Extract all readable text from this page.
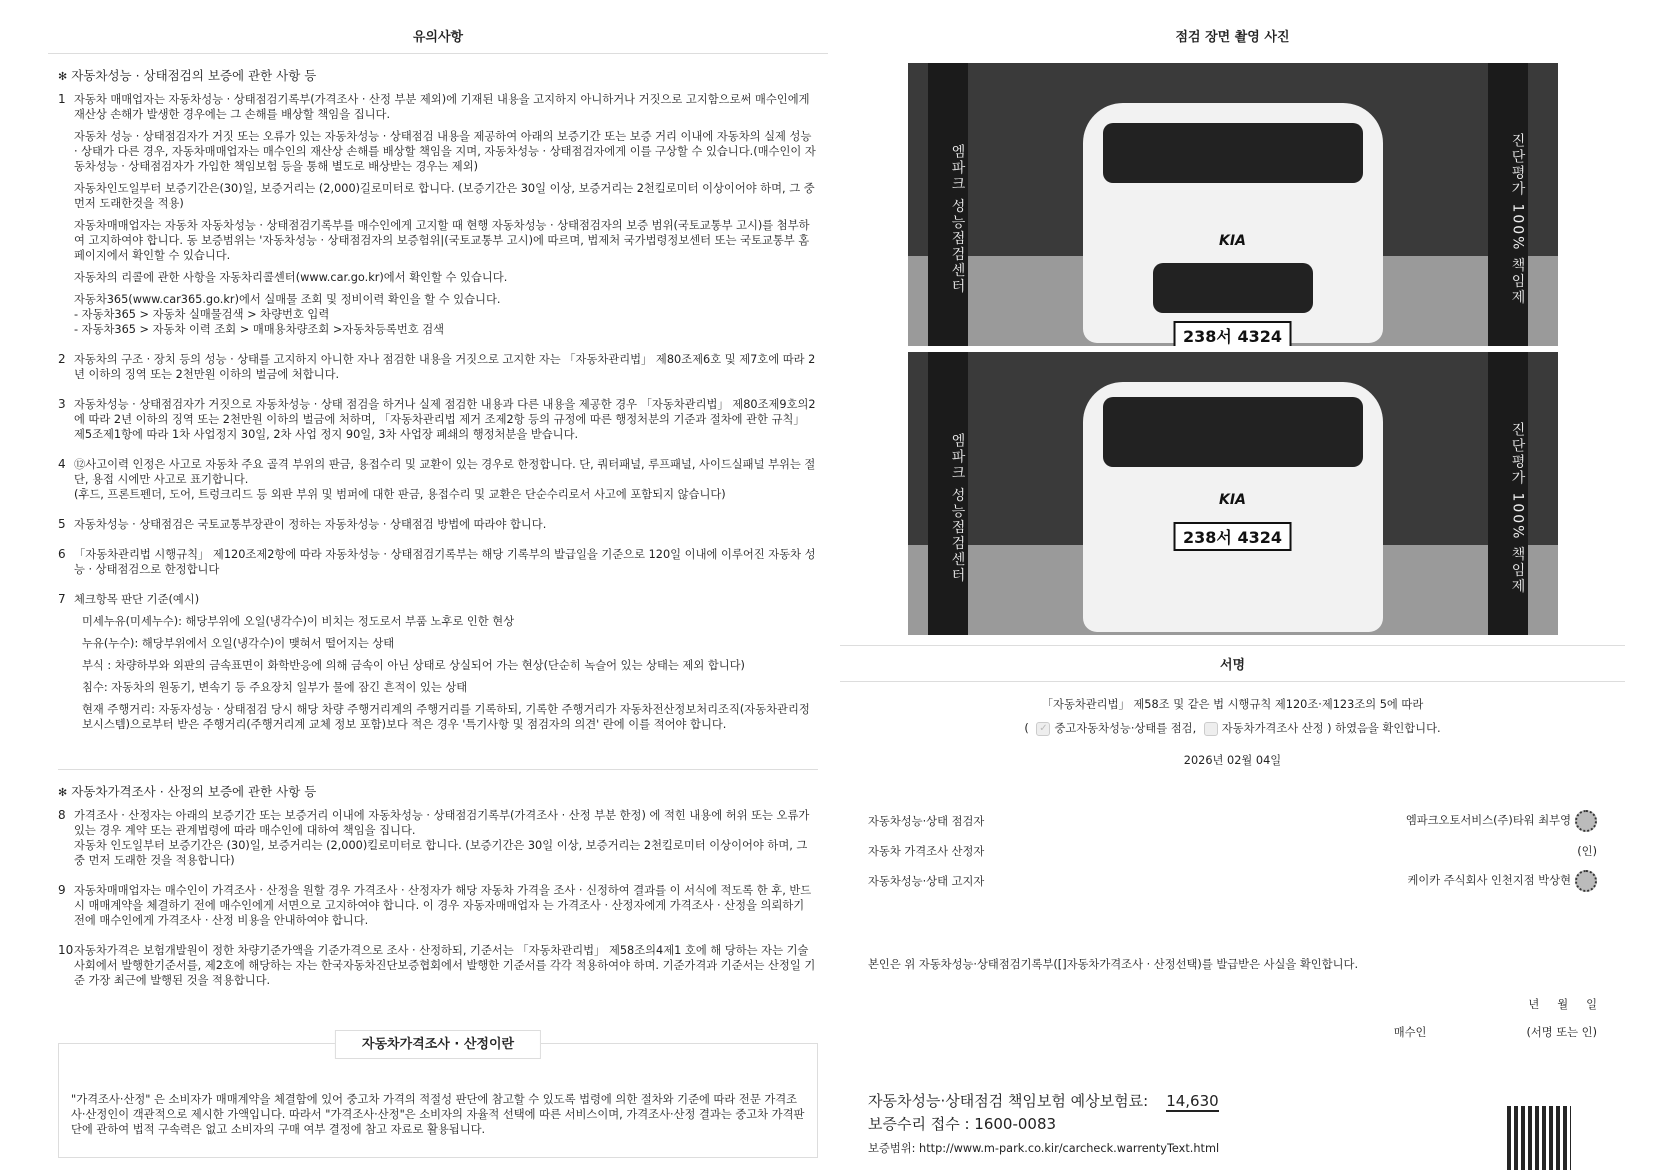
유의사항
✻ 자동차성능 · 상태점검의 보증에 관한 사항 등
1 자동차 매매업자는 자동차성능 · 상태점검기록부(가격조사 · 산정 부분 제외)에 기재된 내용을 고지하지 아니하거나 거짓으로 고지함으로써 매수인에게 재산상 손해가 발생한 경우에는 그 손해를 배상할 책임을 집니다.

자동차 성능 · 상태점검자가 거짓 또는 오류가 있는 자동차성능 · 상태점검 내용을 제공하여 아래의 보증기간 또는 보증 거리 이내에 자동차의 실제 성능 · 상태가 다른 경우, 자동차매매업자는 매수인의 재산상 손해를 배상할 책임을 지며, 자동차성능 · 상태점검자에게 이를 구상할 수 있습니다.(매수인이 자동차성능 · 상태점검자가 가입한 책임보험 등을 통해 별도로 배상받는 경우는 제외)

자동차인도일부터 보증기간은(30)일, 보증거리는 (2,000)길로미터로 합니다. (보증기간은 30일 이상, 보증거리는 2천킬로미터 이상이어야 하며, 그 중 먼저 도래한것을 적용)

자동차매매업자는 자동차 자동차성능 · 상태점검기록부를 매수인에게 고지할 때 현행 자동차성능 · 상태점검자의 보증 범위(국토교통부 고시)를 첨부하여 고지하여야 합니다. 동 보증범위는 '자동차성능 · 상태점검자의 보증험위|(국토교통부 고시)에 따르며, 법제처 국가법령정보센터 또는 국토교통부 홈페이지에서 확인할 수 있습니다.

자동차의 리콜에 관한 사항을 자동차리콜센터(www.car.go.kr)에서 확인할 수 있습니다.

자동차365(www.car365.go.kr)에서 실매물 조회 및 정비이력 확인을 할 수 있습니다.
- 자동차365 > 자동차 실매물검색 > 차량번호 입력
- 자동차365 > 자동차 이력 조회 > 매매용차량조회 >자동차등록번호 검색

2 자동차의 구조 · 장치 등의 성능 · 상태를 고지하지 아니한 자나 점검한 내용을 거짓으로 고지한 자는 「자동차관리법」 제80조제6호 및 제7호에 따라 2년 이하의 징역 또는 2천만원 이하의 벌금에 처합니다.

3 자동차성능 · 상태점검자가 거짓으로 자동차성능 · 상태 점검을 하거나 실제 점검한 내용과 다른 내용을 제공한 경우 「자동차관리법」 제80조제9호의2에 따라 2년 이하의 징역 또는 2천만원 이하의 벌금에 처하며, 「자동차관리법 제거 조제2항 등의 규정에 따른 행정처분의 기준과 절차에 관한 규칙」 제5조제1항에 따라 1차 사업정지 30일, 2차 사업 정지 90일, 3차 사업장 폐쇄의 행정처분을 받습니다.

4 ⑫사고이력 인정은 사고로 자동차 주요 골격 부위의 판금, 용접수리 및 교환이 있는 경우로 한정합니다. 단, 쿼터패널, 루프패널, 사이드실패널 부위는 절단, 용접 시에만 사고로 표기합니다.
(후드, 프론트펜더, 도어, 트렁크리드 등 외판 부위 및 범퍼에 대한 판금, 용접수리 및 교환은 단순수리로서 사고에 포함되지 않습니다)

5 자동차성능 · 상태점검은 국토교통부장관이 정하는 자동차성능 · 상태점검 방법에 따라야 합니다.

6 「자동차관리법 시행규칙」 제120조제2항에 따라 자동차성능 · 상태점검기록부는 해당 기록부의 발급일을 기준으로 120일 이내에 이루어진 자동차 성능 · 상태점검으로 한정합니다

7 체크항목 판단 기준(예시)

미세누유(미세누수): 해당부위에 오일(냉각수)이 비치는 정도로서 부품 노후로 인한 현상

누유(누수): 해당부위에서 오일(냉각수)이 맺혀서 떨어지는 상태

부식 : 차량하부와 외판의 금속표면이 화학반응에 의해 금속이 아닌 상태로 상실되어 가는 현상(단순히 녹슬어 있는 상태는 제외 합니다)

침수: 자동차의 원동기, 변속기 등 주요장치 일부가 물에 잠긴 흔적이 있는 상태

현재 주행거리: 자동자성능 · 상태점검 당시 해당 차량 주행거리계의 주행거리를 기록하되, 기록한 주행거리가 자동차전산정보처리조직(자동차관리정보시스템)으로부터 받은 주행거리(주행거리계 교체 정보 포함)보다 적은 경우 '특기사항 및 점검자의 의견' 란에 이를 적어야 합니다.

✻ 자동차가격조사 · 산정의 보증에 관한 사항 등
8 가격조사 · 산정자는 아래의 보증기간 또는 보증거리 이내에 자동차성능 · 상태점검기록부(가격조사 · 산정 부분 한정) 에 적힌 내용에 허위 또는 오류가 있는 경우 계약 또는 관계법령에 따라 매수인에 대하여 책임을 집니다.
자동차 인도일부터 보증기간은 (30)일, 보증거리는 (2,000)킬로미터로 합니다. (보증기간은 30일 이상, 보증거리는 2천킬로미터 이상이어야 하며, 그 중 먼저 도래한 것을 적용합니다)

9 자동차매매업자는 매수인이 가격조사 · 산정을 원할 경우 가격조사 · 산정자가 해당 자동차 가격을 조사 · 신정하여 결과를 이 서식에 적도록 한 후, 반드시 매매계약을 체결하기 전에 매수인에게 서면으로 고지하여야 합니다. 이 경우 자동자매매업자 는 가격조사 · 산정자에게 가격조사 · 산정을 의뢰하기 전에 매수인에게 가격조사 · 산정 비용을 안내하여야 합니다.

10 자동차가격은 보험개발원이 정한 차량기준가액을 기준가격으로 조사 · 산정하되, 기준서는 「자동차관리법」 제58조의4제1 호에 해 당하는 자는 기술사회에서 발행한기준서를, 제2호에 해당하는 자는 한국자동차진단보증협회에서 발행한 기준서를 각각 적용하여야 하며. 기준가격과 기준서는 산정일 기준 가장 최근에 발행된 것을 적용합니다.

자동차가격조사 · 산정이란
"가격조사·산정" 은 소비자가 매매계약을 체결함에 있어 중고차 가격의 적절성 판단에 참고할 수 있도록 법령에 의한 절차와 기준에 따라 전문 가격조사·산정인이 객관적으로 제시한 가액입니다. 따라서 "가격조사·산정"은 소비자의 자율적 선택에 따른 서비스이며, 가격조사·산정 결과는 중고차 가격판단에 관하여 법적 구속력은 없고 소비자의 구매 여부 결정에 참고 자료로 활용됩니다.
점검 장면 촬영 사진
엠파크 성능점검센터	진단평가 100% 책임제
KIA
238서 4324
엠파크 성능점검센터	진단평가 100% 책임제
KIA
238서 4324
서명
「자동차관리법」 제58조 및 같은 법 시행규칙 제120조·제123조의 5에 따라
( ✓ 중고자동차성능·상태를 점검, 자동차가격조사 산정 ) 하였음을 확인합니다.
2026년 02월 04일
자동차성능·상태 점검자	엠파크오토서비스(주)타워 최부영
자동차 가격조사 산정자	(인)
자동차성능·상태 고지자	케이카 주식회사 인천지점 박상현
본인은 위 자동차성능·상태점검기록부([]자동차가격조사 · 산정선택)를 발급받은 사실을 확인합니다.
년     월     일
매수인	(서명 또는 인)
자동차성능·상태점검 책임보험 예상보험료: 14,630
보증수리 접수 : 1600-0083
보증범위: http://www.m-park.co.kir/carcheck.warrentyText.html
